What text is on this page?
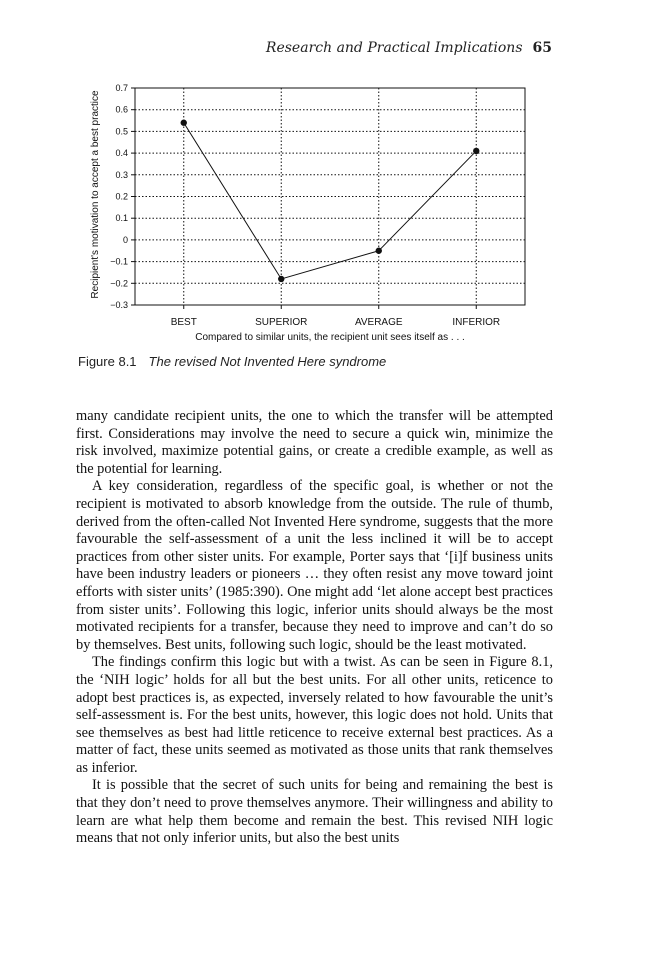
Research and Practical Implications 65
0.7
0.6
0.5
0.4
0.3
0.2
0.1
0
−0.1
−0.2
−0.3
BEST	SUPERIOR	AVERAGE	INFERIOR
Recipient's motivation to accept a best practice
Compared to similar units, the recipient unit sees itself as . . .
Figure 8.1 The revised Not Invented Here syndrome

many candidate recipient units, the one to which the transfer will be attempted first. Considerations may involve the need to secure a quick win, minimize the risk involved, maximize potential gains, or create a credible example, as well as the potential for learning.

A key consideration, regardless of the specific goal, is whether or not the recipient is motivated to absorb knowledge from the outside. The rule of thumb, derived from the often-called Not Invented Here syndrome, suggests that the more favourable the self-assessment of a unit the less inclined it will be to accept practices from other sister units. For example, Porter says that ‘[i]f business units have been industry leaders or pioneers … they often resist any move toward joint efforts with sister units’ (1985:390). One might add ‘let alone accept best practices from sister units’. Following this logic, inferior units should always be the most motivated recipients for a transfer, because they need to improve and can’t do so by themselves. Best units, following such logic, should be the least motivated.

The findings confirm this logic but with a twist. As can be seen in Figure 8.1, the ‘NIH logic’ holds for all but the best units. For all other units, reticence to adopt best practices is, as expected, inversely related to how favourable the unit’s self-assessment is. For the best units, however, this logic does not hold. Units that see themselves as best had little reticence to receive external best practices. As a matter of fact, these units seemed as motivated as those units that rank themselves as inferior.

It is possible that the secret of such units for being and remaining the best is that they don’t need to prove themselves anymore. Their willingness and ability to learn are what help them become and remain the best. This revised NIH logic means that not only inferior units, but also the best units
